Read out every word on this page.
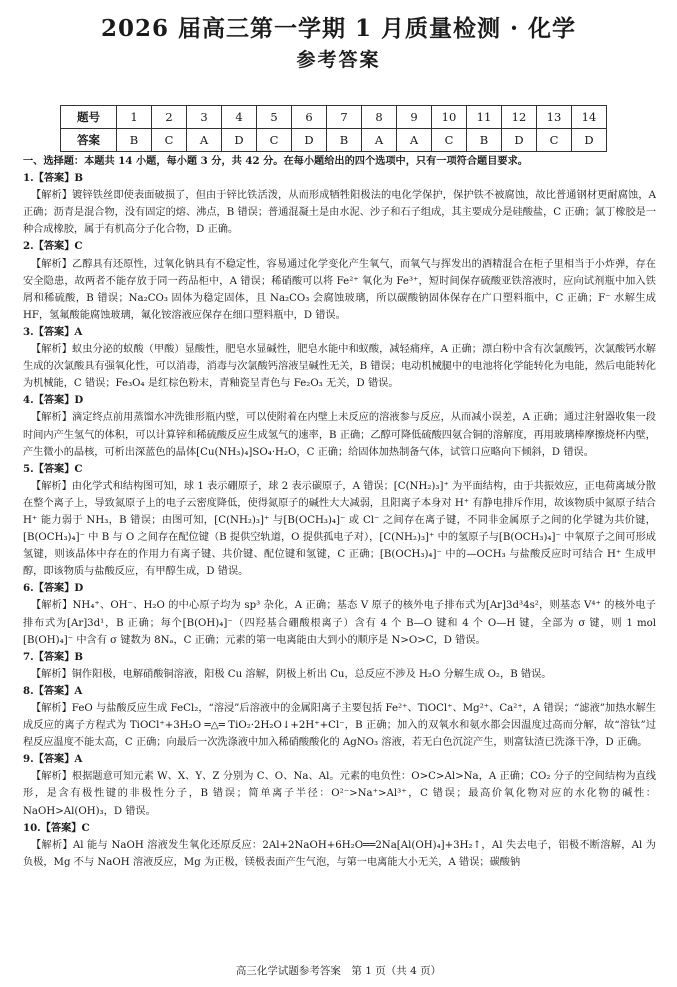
2026 届高三第一学期 1 月质量检测 · 化学
参考答案
题号	1	2	3	4	5	6	7	8	9	10	11	12	13	14
答案	B	C	A	D	C	D	B	A	A	C	B	D	C	D

一、选择题：本题共 14 小题，每小题 3 分，共 42 分。在每小题给出的四个选项中，只有一项符合题目要求。

1.【答案】B

【解析】镀锌铁丝即使表面破损了，但由于锌比铁活泼，从而形成牺牲阳极法的电化学保护，保护铁不被腐蚀，故比普通钢材更耐腐蚀，A 正确；沥青是混合物，没有固定的熔、沸点，B 错误；普通混凝土是由水泥、沙子和石子组成，其主要成分是硅酸盐，C 正确；氯丁橡胶是一种合成橡胶，属于有机高分子化合物，D 正确。

2.【答案】C

【解析】乙醇具有还原性，过氧化钠具有不稳定性，容易通过化学变化产生氧气，而氧气与挥发出的酒精混合在柜子里相当于小炸弹，存在安全隐患，故两者不能存放于同一药品柜中，A 错误；稀硝酸可以将 Fe²⁺ 氧化为 Fe³⁺，短时间保存硫酸亚铁溶液时，应向试剂瓶中加入铁屑和稀硫酸，B 错误；Na₂CO₃ 固体为稳定固体，且 Na₂CO₃ 会腐蚀玻璃，所以碳酸钠固体保存在广口塑料瓶中，C 正确；F⁻ 水解生成 HF，氢氟酸能腐蚀玻璃，氟化铵溶液应保存在细口塑料瓶中，D 错误。

3.【答案】A

【解析】蚁虫分泌的蚁酸（甲酸）显酸性，肥皂水显碱性，肥皂水能中和蚁酸，减轻痛痒，A 正确；漂白粉中含有次氯酸钙，次氯酸钙水解生成的次氯酸具有强氧化性，可以消毒，消毒与次氯酸钙溶液呈碱性无关，B 错误；电动机械腿中的电池将化学能转化为电能，然后电能转化为机械能，C 错误；Fe₃O₄ 是红棕色粉末，青釉瓷呈青色与 Fe₂O₃ 无关，D 错误。

4.【答案】D

【解析】滴定终点前用蒸馏水冲洗锥形瓶内壁，可以使附着在内壁上未反应的溶液参与反应，从而减小误差，A 正确；通过注射器收集一段时间内产生氢气的体积，可以计算锌和稀硫酸反应生成氢气的速率，B 正确；乙醇可降低硫酸四氨合铜的溶解度，再用玻璃棒摩擦烧杯内壁，产生微小的晶核，可析出深蓝色的晶体[Cu(NH₃)₄]SO₄·H₂O，C 正确；给固体加热制备气体，试管口应略向下倾斜，D 错误。

5.【答案】C

【解析】由化学式和结构图可知，球 1 表示硼原子，球 2 表示碳原子，A 错误；[C(NH₂)₃]⁺ 为平面结构，由于共振效应，正电荷离域分散在整个离子上，导致氮原子上的电子云密度降低，使得氮原子的碱性大大减弱，且阳离子本身对 H⁺ 有静电排斥作用，故该物质中氮原子结合 H⁺ 能力弱于 NH₃，B 错误；由图可知，[C(NH₂)₃]⁺ 与[B(OCH₃)₄]⁻ 或 Cl⁻ 之间存在离子键，不同非金属原子之间的化学键为共价键，[B(OCH₃)₄]⁻ 中 B 与 O 之间存在配位键（B 提供空轨道，O 提供孤电子对），[C(NH₂)₃]⁺ 中的氢原子与[B(OCH₃)₄]⁻ 中氧原子之间可形成氢键，则该晶体中存在的作用力有离子键、共价键、配位键和氢键，C 正确；[B(OCH₃)₄]⁻ 中的—OCH₃ 与盐酸反应时可结合 H⁺ 生成甲醇，即该物质与盐酸反应，有甲醇生成，D 错误。

6.【答案】D

【解析】NH₄⁺、OH⁻、H₂O 的中心原子均为 sp³ 杂化，A 正确；基态 V 原子的核外电子排布式为[Ar]3d³4s²，则基态 V⁴⁺ 的核外电子排布式为[Ar]3d¹，B 正确；每个[B(OH)₄]⁻（四羟基合硼酸根离子）含有 4 个 B—O 键和 4 个 O—H 键，全部为 σ 键，则 1 mol [B(OH)₄]⁻ 中含有 σ 键数为 8Nₐ，C 正确；元素的第一电离能由大到小的顺序是 N>O>C，D 错误。

7.【答案】B

【解析】铜作阳极，电解硝酸铜溶液，阳极 Cu 溶解，阴极上析出 Cu，总反应不涉及 H₂O 分解生成 O₂，B 错误。

8.【答案】A

【解析】FeO 与盐酸反应生成 FeCl₂，“溶浸”后溶液中的金属阳离子主要包括 Fe²⁺、TiOCl⁺、Mg²⁺、Ca²⁺，A 错误；“滤液”加热水解生成反应的离子方程式为 TiOCl⁺+3H₂O ═△═ TiO₂·2H₂O↓+2H⁺+Cl⁻，B 正确；加入的双氧水和氨水都会因温度过高而分解，故“溶钛”过程反应温度不能太高，C 正确；向最后一次洗涤液中加入稀硝酸酸化的 AgNO₃ 溶液，若无白色沉淀产生，则富钛渣已洗涤干净，D 正确。

9.【答案】A

【解析】根据题意可知元素 W、X、Y、Z 分别为 C、O、Na、Al。元素的电负性：O>C>Al>Na，A 正确；CO₂ 分子的空间结构为直线形，是含有极性键的非极性分子，B 错误；简单离子半径：O²⁻>Na⁺>Al³⁺，C 错误；最高价氧化物对应的水化物的碱性：NaOH>Al(OH)₃，D 错误。

10.【答案】C

【解析】Al 能与 NaOH 溶液发生氧化还原反应：2Al+2NaOH+6H₂O══2Na[Al(OH)₄]+3H₂↑，Al 失去电子，铝极不断溶解，Al 为负极，Mg 不与 NaOH 溶液反应，Mg 为正极，镁极表面产生气泡，与第一电离能大小无关，A 错误；碳酸钠

高三化学试题参考答案　第 1 页（共 4 页）
